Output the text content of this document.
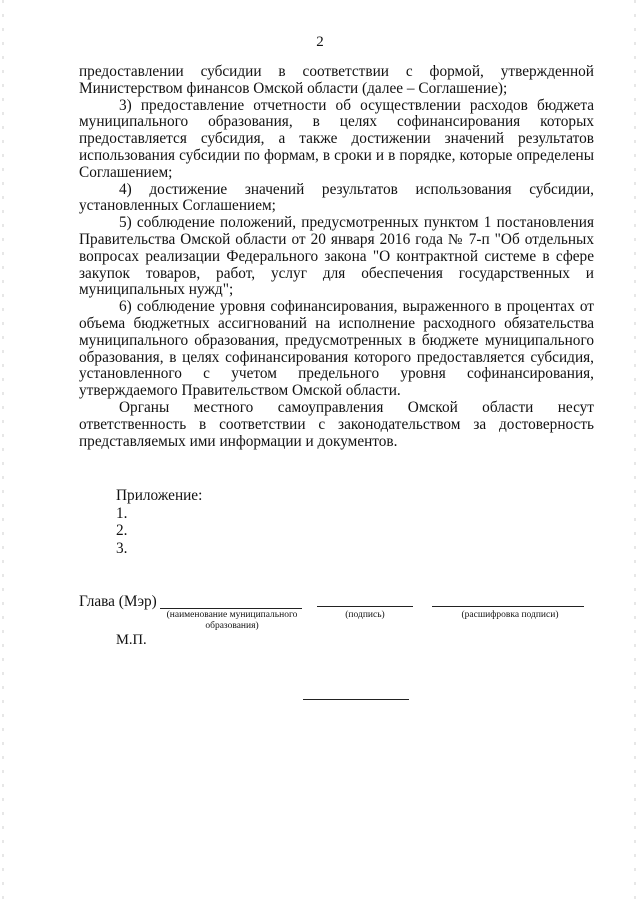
2

предоставлении субсидии в соответствии с формой, утвержденной Министерством финансов Омской области (далее – Соглашение);

3) предоставление отчетности об осуществлении расходов бюджета муниципального образования, в целях софинансирования которых предоставляется субсидия, а также достижении значений результатов использования субсидии по формам, в сроки и в порядке, которые определены Соглашением;

4) достижение значений результатов использования субсидии, установленных Соглашением;

5) соблюдение положений, предусмотренных пунктом 1 постановления Правительства Омской области от 20 января 2016 года № 7-п "Об отдельных вопросах реализации Федерального закона "О контрактной системе в сфере закупок товаров, работ, услуг для обеспечения государственных и муниципальных нужд";

6) соблюдение уровня софинансирования, выраженного в процентах от объема бюджетных ассигнований на исполнение расходного обязательства муниципального образования, предусмотренных в бюджете муниципального образования, в целях софинансирования которого предоставляется субсидия, установленного с учетом предельного уровня софинансирования, утверждаемого Правительством Омской области.

Органы местного самоуправления Омской области несут ответственность в соответствии с законодательством за достоверность представляемых ими информации и документов.

Приложение:
1.
2.
3.
Глава (Мэр)
(наименование муниципального образования)
(подпись)	(расшифровка подписи)
М.П.
